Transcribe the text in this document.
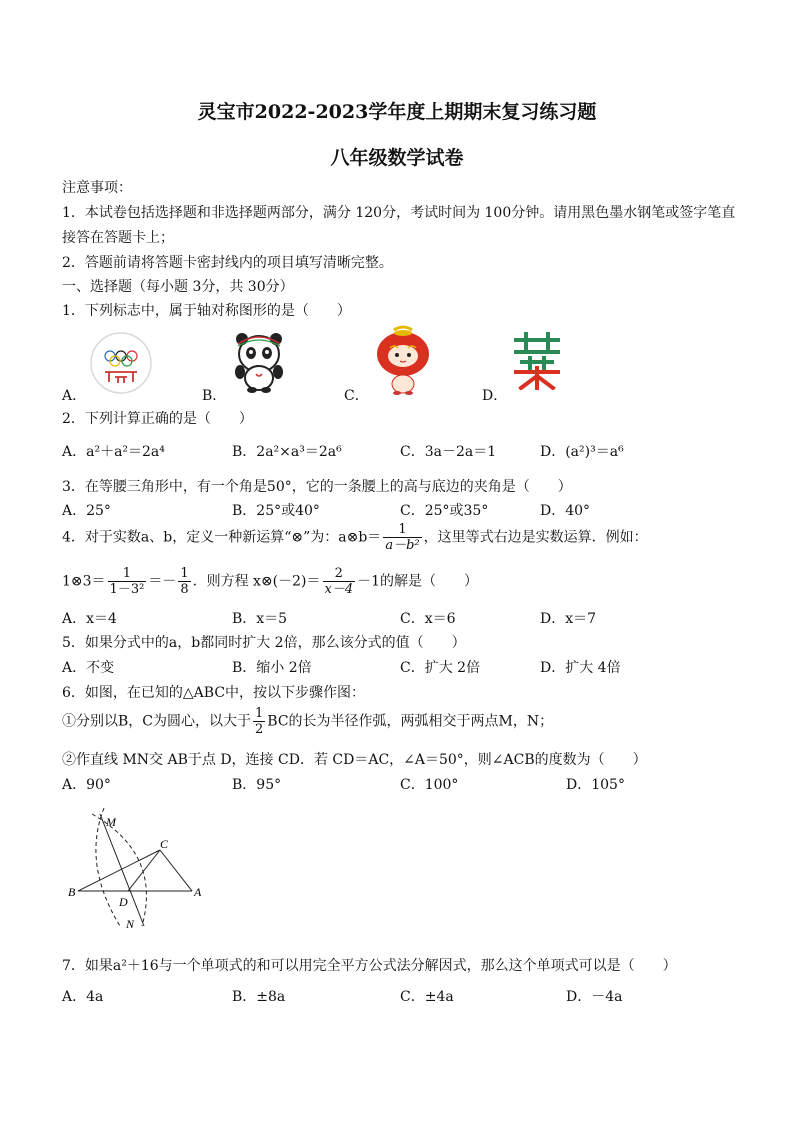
灵宝市2022-2023学年度上期期末复习练习题
八年级数学试卷
注意事项：
1．本试卷包括选择题和非选择题两部分，满分 120分，考试时间为 100分钟。请用黑色墨水钢笔或签字笔直
接答在答题卡上；
2．答题前请将答题卡密封线内的项目填写清晰完整。
一、选择题（每小题 3分，共 30分）
1．下列标志中，属于轴对称图形的是（　　）
A．	B．	C．	D．
2．下列计算正确的是（　　）
A．a²＋a²＝2a⁴	B．2a²×a³＝2a⁶	C．3a－2a＝1	D．(a²)³＝a⁶
3．在等腰三角形中，有一个角是50°，它的一条腰上的高与底边的夹角是（　　）
A．25°	B．25°或40°	C．25°或35°	D．40°
4．对于实数a、b，定义一种新运算“⊗”为：a⊗b＝ $\frac{1}{\text{a－b²}}$ ，这里等式右边是实数运算．例如：
1⊗3＝ $\frac{1}{\text{1－3²}} =- \frac{1}{8}$ ．则方程 x⊗(－2)＝ $\frac{2}{x-4} -1$的解是（　　）
A．x＝4	B．x＝5	C．x＝6	D．x＝7
5．如果分式中的a，b都同时扩大 2倍，那么该分式的值（　　）
A．不变	B．缩小 2倍	C．扩大 2倍	D．扩大 4倍
6．如图，在已知的△ABC中，按以下步骤作图：
①分别以B，C为圆心，以大于 $\frac{1}{2}$ BC的长为半径作弧，两弧相交于两点M，N；
②作直线 MN交 AB于点 D，连接 CD．若 CD＝AC，∠A＝50°，则∠ACB的度数为（　　）
A．90°	B．95°	C．100°	D．105°
M
C
B
D
A
N
7．如果a²＋16与一个单项式的和可以用完全平方公式法分解因式，那么这个单项式可以是（　　）
A．4a	B．±8a	C．±4a	D．－4a
